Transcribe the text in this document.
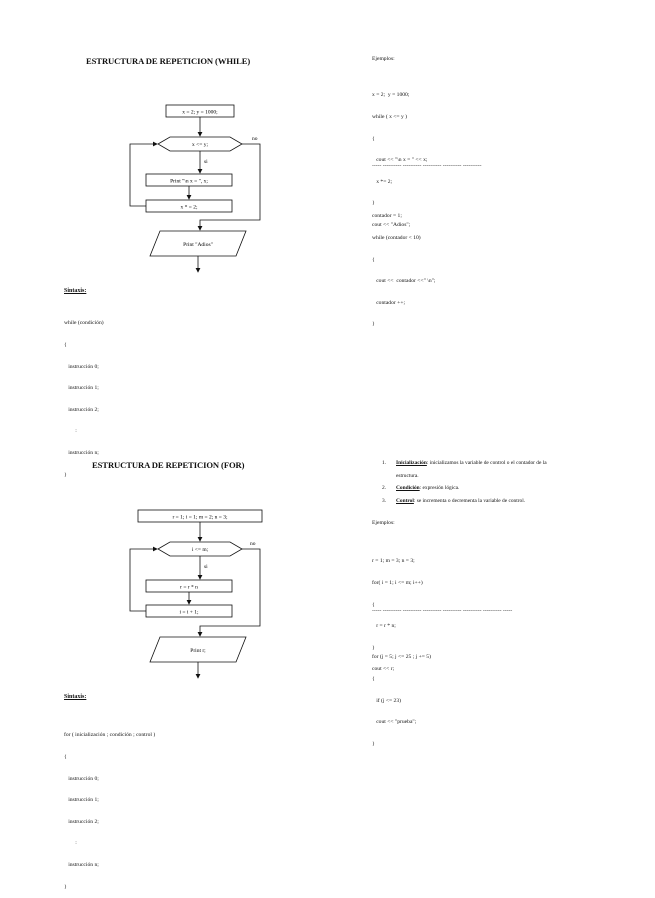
ESTRUCTURA DE REPETICION (WHILE)
x = 2; y = 1000;
x <= y;
no
si
Print "\n x = ", x;
x * = 2;
Print "Adios"
Sintaxis:

while (condición)

{

instrucción 0;

instrucción 1;

instrucción 2;

:

instrucción n;

}

Ejemplos:

x = 2;  y = 1000;

while ( x <= y )

{

cout << "\n x = " << x;

x *= 2;

}

cout << "Adios";

----- ---------- ---------- ---------- ---------- ----------

contador = 1;

while (contador < 10)

{

cout <<  contador <<" \n";

contador ++;

}

ESTRUCTURA DE REPETICION (FOR)
r = 1; i = 1; m = 2; n = 3;
i <= m;
no
si
r = r * n
i = i + 1;
Print r;
Sintaxis:

for ( inicialización ; condición ; control )

{

instrucción 0;

instrucción 1;

instrucción 2;

:

instrucción n;

}

1. Inicialización: inicializamos la variable de control o el contador de la
estructura.
2. Condición: expresión lógica.
3. Control: se incrementa o decrementa la variable de control.
Ejemplos:

r = 1; m = 3; n = 3;

for( i = 1; i <= m; i++)

{

r = r * n;

}

cout << r;

----- ---------- ---------- ---------- ---------- ---------- ---------- -----

for (j = 5; j <= 25 ; j += 5)

{

if (j <= 23)

cout << "prueba";

}
